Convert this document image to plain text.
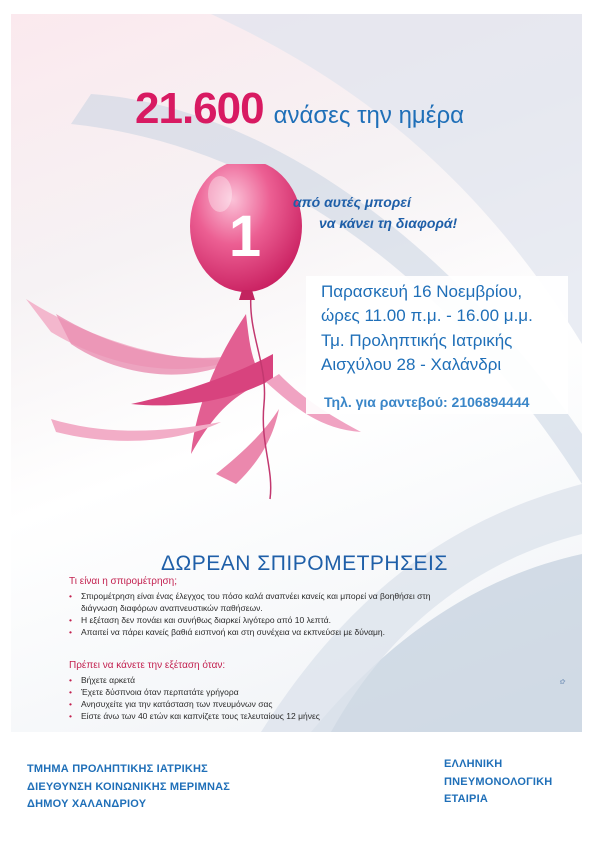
21.600 ανάσες την ημέρα
1
από αυτές μπορεί
να κάνει τη διαφορά!
Παρασκευή 16 Νοεμβρίου,
ώρες 11.00 π.μ. - 16.00 μ.μ.
Τμ. Προληπτικής Ιατρικής
Αισχύλου 28 - Χαλάνδρι
Τηλ. για ραντεβού: 2106894444
ΔΩΡΕΑΝ ΣΠΙΡΟΜΕΤΡΗΣΕΙΣ
Τι είναι η σπιρομέτρηση;
• Σπιρομέτρηση είναι ένας έλεγχος του πόσο καλά αναπνέει κανείς και μπορεί να βοηθήσει στη διάγνωση διαφόρων αναπνευστικών παθήσεων.
• Η εξέταση δεν πονάει και συνήθως διαρκεί λιγότερο από 10 λεπτά.
• Απαιτεί να πάρει κανείς βαθιά εισπνοή και στη συνέχεια να εκπνεύσει με δύναμη.
Πρέπει να κάνετε την εξέταση όταν:
• Βήχετε αρκετά
• Έχετε δύσπνοια όταν περπατάτε γρήγορα
• Ανησυχείτε για την κατάσταση των πνευμόνων σας
• Είστε άνω των 40 ετών και καπνίζετε τους τελευταίους 12 μήνες
✿
ΤΜΗΜΑ ΠΡΟΛΗΠΤΙΚΗΣ ΙΑΤΡΙΚΗΣ
ΔΙΕΥΘΥΝΣΗ ΚΟΙΝΩΝΙΚΗΣ ΜΕΡΙΜΝΑΣ
ΔΗΜΟΥ ΧΑΛΑΝΔΡΙΟΥ
ΕΛΛΗΝΙΚΗ
ΠΝΕΥΜΟΝΟΛΟΓΙΚΗ
ΕΤΑΙΡΙΑ
